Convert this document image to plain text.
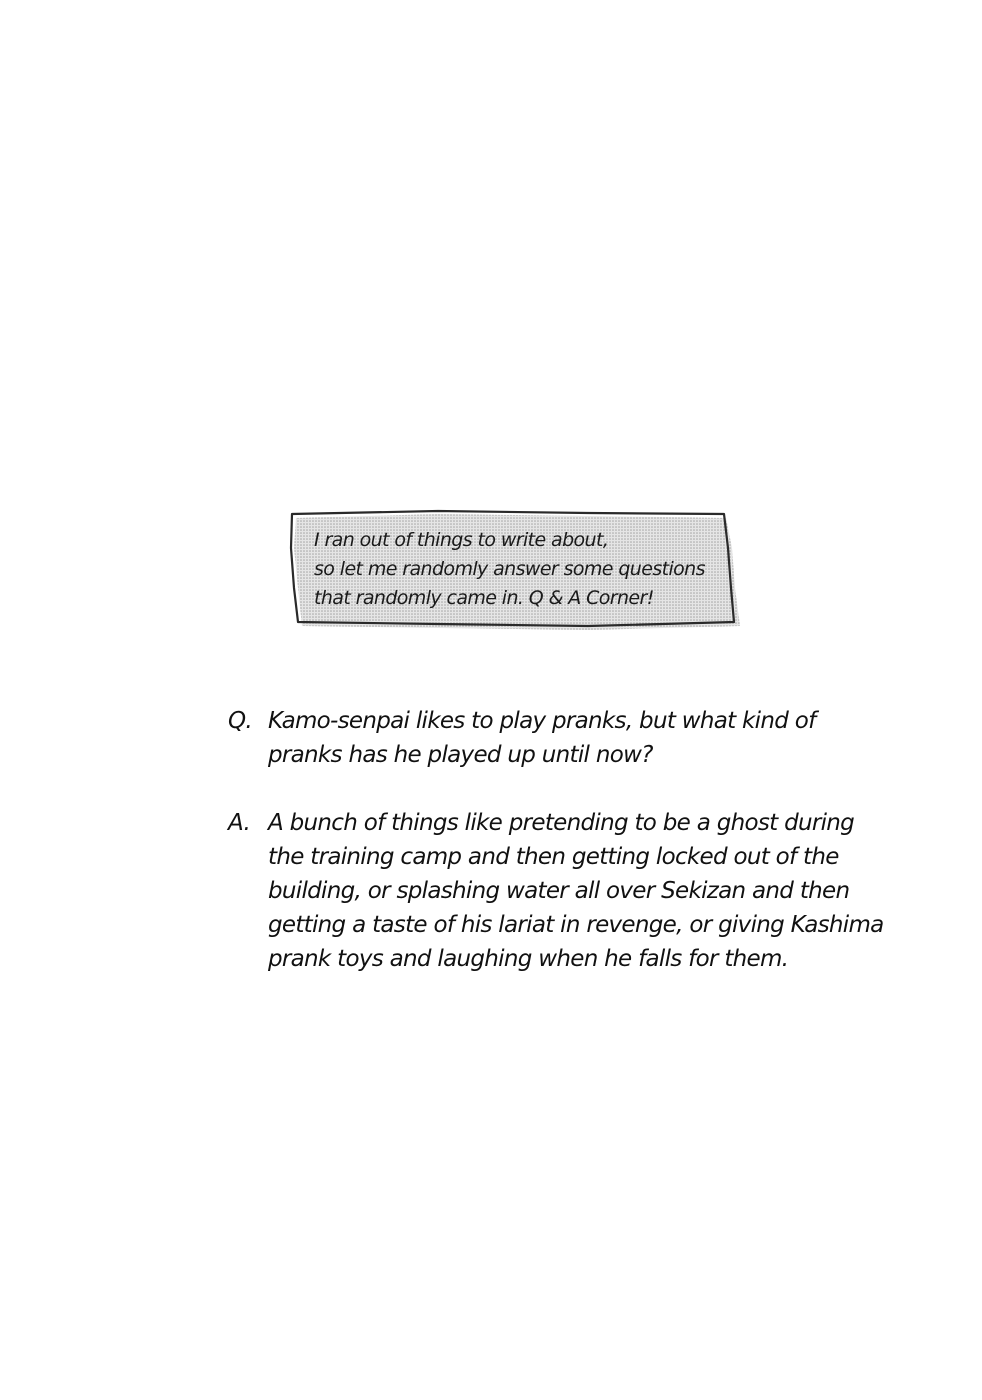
I ran out of things to write about,
so let me randomly answer some questions
that randomly came in. Q & A Corner!
Q. Kamo-senpai likes to play pranks, but what kind of
pranks has he played up until now?
A. A bunch of things like pretending to be a ghost during
the training camp and then getting locked out of the
building, or splashing water all over Sekizan and then
getting a taste of his lariat in revenge, or giving Kashima
prank toys and laughing when he falls for them.
